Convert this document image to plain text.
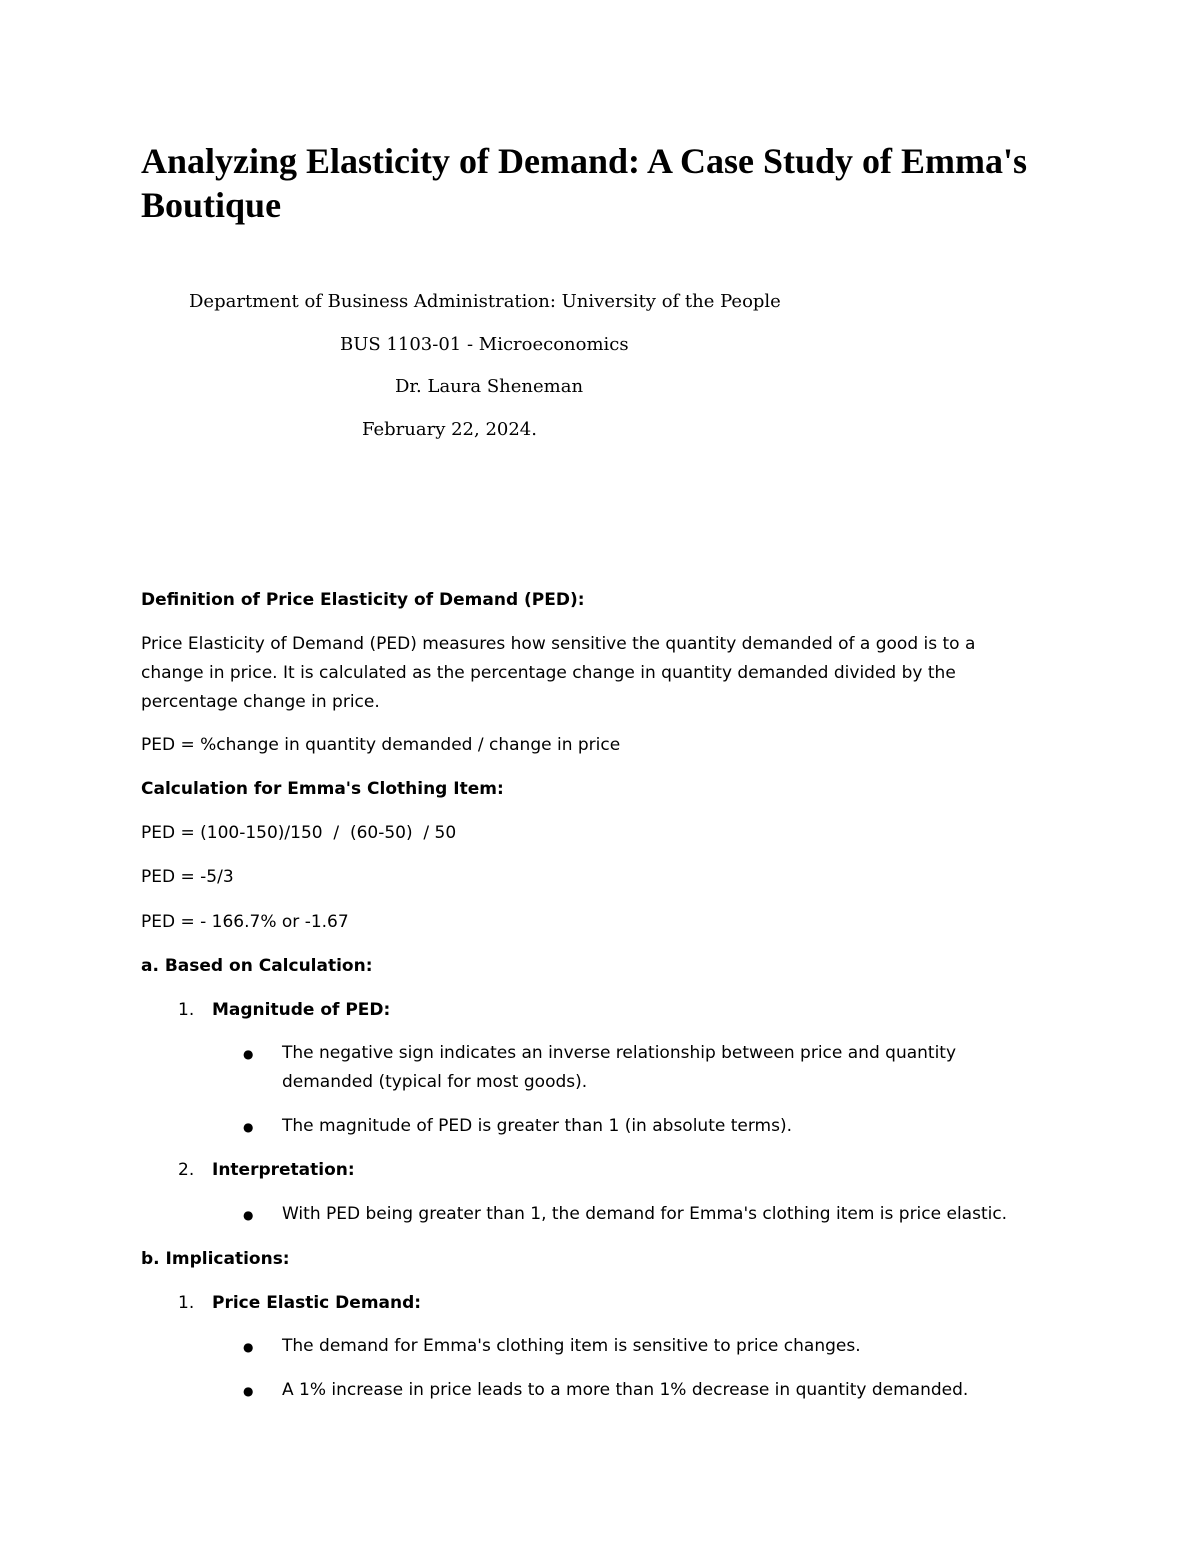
Analyzing Elasticity of Demand: A Case Study of Emma's Boutique
Department of Business Administration: University of the People
BUS 1103-01 - Microeconomics
Dr. Laura Sheneman
February 22, 2024.
Definition of Price Elasticity of Demand (PED):
Price Elasticity of Demand (PED) measures how sensitive the quantity demanded of a good is to a
change in price. It is calculated as the percentage change in quantity demanded divided by the
percentage change in price.
PED = %change in quantity demanded / change in price
Calculation for Emma's Clothing Item:
PED = (100-150)/150  /  (60-50)  / 50
PED = -5/3
PED = - 166.7% or -1.67
a. Based on Calculation:
1. Magnitude of PED:
● The negative sign indicates an inverse relationship between price and quantity
demanded (typical for most goods).
● The magnitude of PED is greater than 1 (in absolute terms).
2. Interpretation:
● With PED being greater than 1, the demand for Emma's clothing item is price elastic.
b. Implications:
1. Price Elastic Demand:
● The demand for Emma's clothing item is sensitive to price changes.
● A 1% increase in price leads to a more than 1% decrease in quantity demanded.
